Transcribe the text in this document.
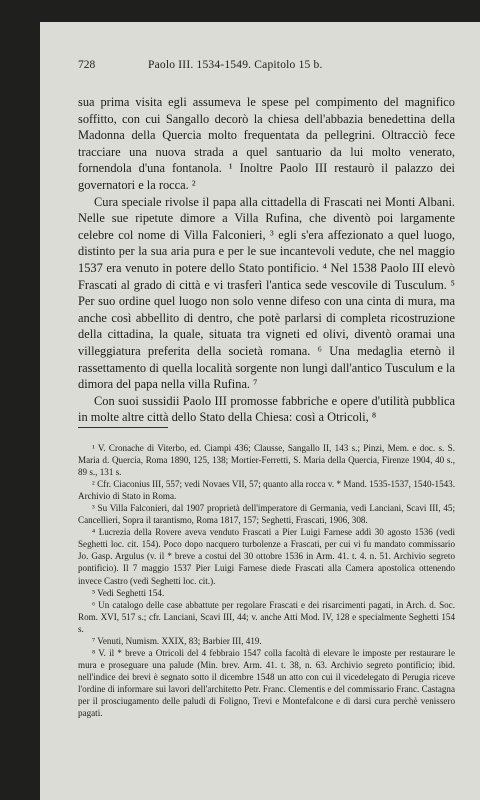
728	Paolo III. 1534-1549. Capitolo 15 b.

sua prima visita egli assumeva le spese pel compimento del magnifico soffitto, con cui Sangallo decorò la chiesa dell'abbazia benedettina della Madonna della Quercia molto frequentata da pellegrini. Oltracciò fece tracciare una nuova strada a quel santuario da lui molto venerato, fornendola d'una fontanola. ¹ Inoltre Paolo III restaurò il palazzo dei governatori e la rocca. ²

Cura speciale rivolse il papa alla cittadella di Frascati nei Monti Albani. Nelle sue ripetute dimore a Villa Rufina, che diventò poi largamente celebre col nome di Villa Falconieri, ³ egli s'era affezionato a quel luogo, distinto per la sua aria pura e per le sue incantevoli vedute, che nel maggio 1537 era venuto in potere dello Stato pontificio. ⁴ Nel 1538 Paolo III elevò Frascati al grado di città e vi trasferì l'antica sede vescovile di Tusculum. ⁵ Per suo ordine quel luogo non solo venne difeso con una cinta di mura, ma anche così abbellito di dentro, che potè parlarsi di completa ricostruzione della cittadina, la quale, situata tra vigneti ed olivi, diventò oramai una villeggiatura preferita della società romana. ⁶ Una medaglia eternò il rassettamento di quella località sorgente non lungi dall'antico Tusculum e la dimora del papa nella villa Rufina. ⁷

Con suoi sussidii Paolo III promosse fabbriche e opere d'utilità pubblica in molte altre città dello Stato della Chiesa: così a Otricoli, ⁸

¹ V. Cronache di Viterbo, ed. Ciampi 436; Clausse, Sangallo II, 143 s.; Pinzi, Mem. e doc. s. S. Maria d. Quercia, Roma 1890, 125, 138; Mortier-Ferretti, S. Maria della Quercia, Firenze 1904, 40 s., 89 s., 131 s.

² Cfr. Ciaconius III, 557; vedi Novaes VII, 57; quanto alla rocca v. * Mand. 1535-1537, 1540-1543. Archivio di Stato in Roma.

³ Su Villa Falconieri, dal 1907 proprietà dell'imperatore di Germania, vedi Lanciani, Scavi III, 45; Cancellieri, Sopra il tarantismo, Roma 1817, 157; Seghetti, Frascati, 1906, 308.

⁴ Lucrezia della Rovere aveva venduto Frascati a Pier Luigi Farnese addì 30 agosto 1536 (vedi Seghetti loc. cit. 154). Poco dopo nacquero turbolenze a Frascati, per cui vi fu mandato commissario Jo. Gasp. Argulus (v. il * breve a costui del 30 ottobre 1536 in Arm. 41. t. 4. n. 51. Archivio segreto pontificio). Il 7 maggio 1537 Pier Luigi Farnese diede Frascati alla Camera apostolica ottenendo invece Castro (vedi Seghetti loc. cit.).

⁵ Vedi Seghetti 154.

⁶ Un catalogo delle case abbattute per regolare Frascati e dei risarcimenti pagati, in Arch. d. Soc. Rom. XVI, 517 s.; cfr. Lanciani, Scavi III, 44; v. anche Atti Mod. IV, 128 e specialmente Seghetti 154 s.

⁷ Venuti, Numism. XXIX, 83; Barbier III, 419.

⁸ V. il * breve a Otricoli del 4 febbraio 1547 colla facoltà di elevare le imposte per restaurare le mura e proseguare una palude (Min. brev. Arm. 41. t. 38, n. 63. Archivio segreto pontificio; ibid. nell'indice dei brevi è segnato sotto il dicembre 1548 un atto con cui il vicedelegato di Perugia riceve l'ordine di informare sui lavori dell'architetto Petr. Franc. Clementis e del commissario Franc. Castagna per il prosciugamento delle paludi di Foligno, Trevi e Montefalcone e di darsi cura perchè venissero pagati.
